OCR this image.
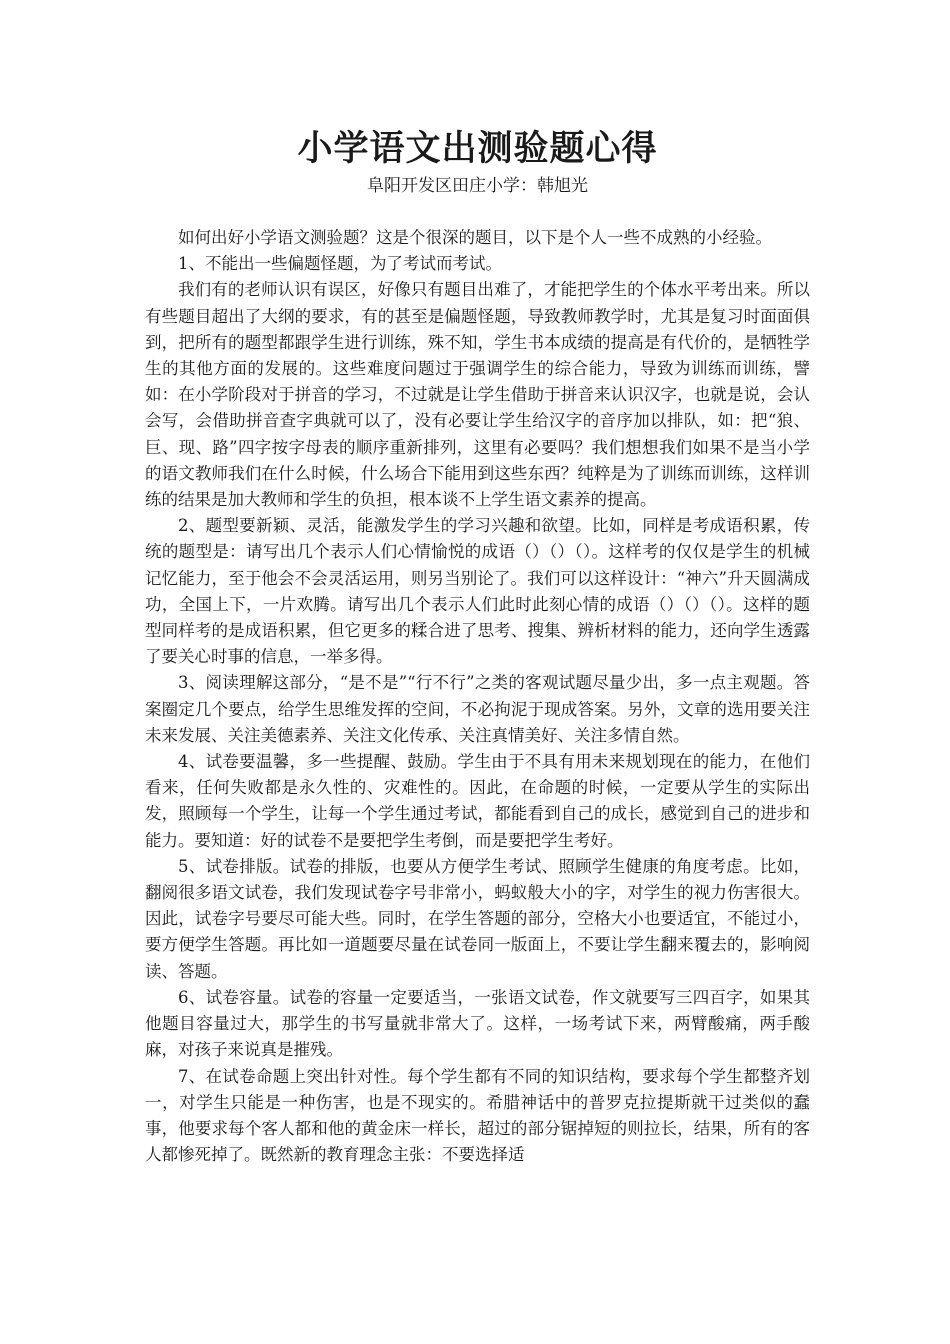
小学语文出测验题心得

阜阳开发区田庄小学：韩旭光

如何出好小学语文测验题？这是个很深的题目，以下是个人一些不成熟的小经验。

1、不能出一些偏题怪题，为了考试而考试。

我们有的老师认识有误区，好像只有题目出难了，才能把学生的个体水平考出来。所以有些题目超出了大纲的要求，有的甚至是偏题怪题，导致教师教学时，尤其是复习时面面俱到，把所有的题型都跟学生进行训练，殊不知，学生书本成绩的提高是有代价的，是牺牲学生的其他方面的发展的。这些难度问题过于强调学生的综合能力，导致为训练而训练，譬如：在小学阶段对于拼音的学习，不过就是让学生借助于拼音来认识汉字，也就是说，会认会写，会借助拼音查字典就可以了，没有必要让学生给汉字的音序加以排队，如：把“狼、巨、现、路”四字按字母表的顺序重新排列，这里有必要吗？我们想想我们如果不是当小学的语文教师我们在什么时候，什么场合下能用到这些东西？纯粹是为了训练而训练，这样训练的结果是加大教师和学生的负担，根本谈不上学生语文素养的提高。

2、题型要新颖、灵活，能激发学生的学习兴趣和欲望。比如，同样是考成语积累，传统的题型是：请写出几个表示人们心情愉悦的成语（）（）（）。这样考的仅仅是学生的机械记忆能力，至于他会不会灵活运用，则另当别论了。我们可以这样设计：“神六”升天圆满成功，全国上下，一片欢腾。请写出几个表示人们此时此刻心情的成语（）（）（）。这样的题型同样考的是成语积累，但它更多的糅合进了思考、搜集、辨析材料的能力，还向学生透露了要关心时事的信息，一举多得。

3、阅读理解这部分，“是不是”“行不行”之类的客观试题尽量少出，多一点主观题。答案圈定几个要点，给学生思维发挥的空间，不必拘泥于现成答案。另外，文章的选用要关注未来发展、关注美德素养、关注文化传承、关注真情美好、关注多情自然。

4、试卷要温馨，多一些提醒、鼓励。学生由于不具有用未来规划现在的能力，在他们看来，任何失败都是永久性的、灾难性的。因此，在命题的时候，一定要从学生的实际出发，照顾每一个学生，让每一个学生通过考试，都能看到自己的成长，感觉到自己的进步和能力。要知道：好的试卷不是要把学生考倒，而是要把学生考好。

5、试卷排版。试卷的排版，也要从方便学生考试、照顾学生健康的角度考虑。比如，翻阅很多语文试卷，我们发现试卷字号非常小，蚂蚁般大小的字，对学生的视力伤害很大。因此，试卷字号要尽可能大些。同时，在学生答题的部分，空格大小也要适宜，不能过小，要方便学生答题。再比如一道题要尽量在试卷同一版面上，不要让学生翻来覆去的，影响阅读、答题。

6、试卷容量。试卷的容量一定要适当，一张语文试卷，作文就要写三四百字，如果其他题目容量过大，那学生的书写量就非常大了。这样，一场考试下来，两臂酸痛，两手酸麻，对孩子来说真是摧残。

7、在试卷命题上突出针对性。每个学生都有不同的知识结构，要求每个学生都整齐划一，对学生只能是一种伤害，也是不现实的。希腊神话中的普罗克拉提斯就干过类似的蠢事，他要求每个客人都和他的黄金床一样长，超过的部分锯掉短的则拉长，结果，所有的客人都惨死掉了。既然新的教育理念主张：不要选择适
